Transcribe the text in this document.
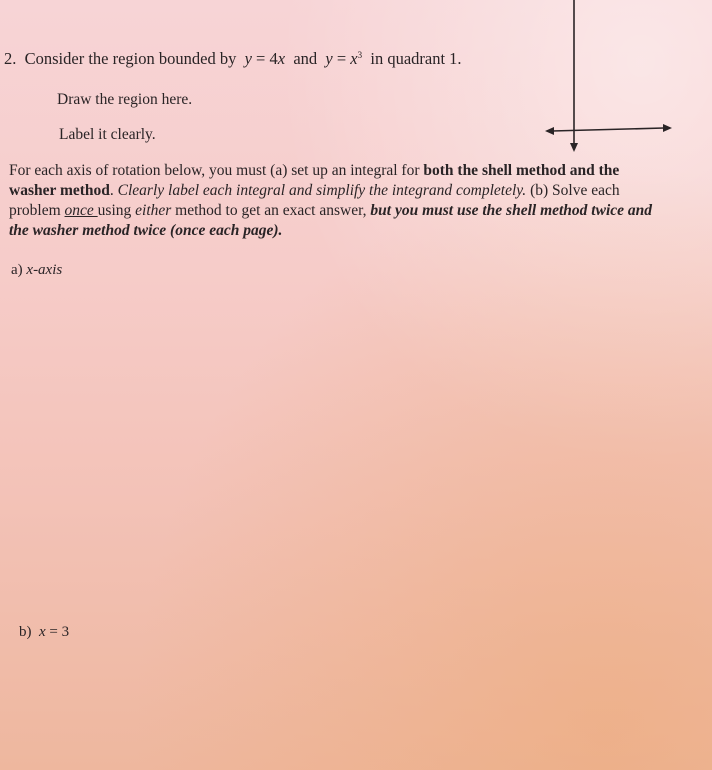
2. Consider the region bounded by y = 4x and $y = x^3$ in quadrant 1.
Draw the region here.
Label it clearly.
For each axis of rotation below, you must (a) set up an integral for both the shell method and the
washer method. Clearly label each integral and simplify the integrand completely. (b) Solve each
problem once using either method to get an exact answer, but you must use the shell method twice and
the washer method twice (once each page).
a) x-axis
b) x = 3
